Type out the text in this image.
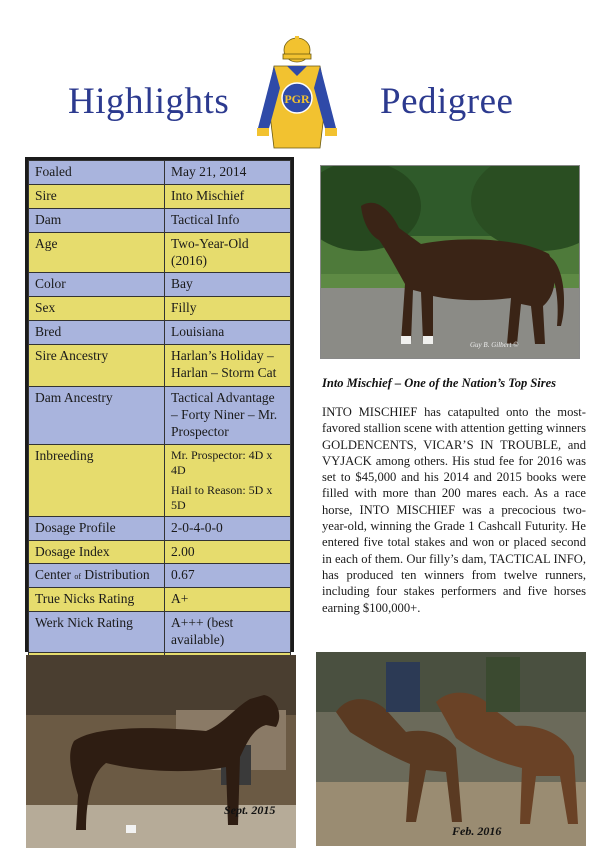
Highlights	PGR Pedigree
Foaled	May 21, 2014
Sire	Into Mischief
Dam	Tactical Info
Age	Two-Year-Old (2016)
Color	Bay
Sex	Filly
Bred	Louisiana
Sire Ancestry	Harlan’s Holiday – Harlan – Storm Cat
Dam Ancestry	Tactical Advantage – Forty Niner – Mr. Prospector
Inbreeding	Mr. Prospector: 4D x 4D
Hail to Reason: 5D x 5D

Dosage Profile	2-0-4-0-0
Dosage Index	2.00
Center of Distribution	0.67
True Nicks Rating	A+
Werk Nick Rating	A+++ (best available)

Guy B. Gilbert ©
Into Mischief – One of the Nation’s Top Sires
INTO MISCHIEF has catapulted onto the most-favored stallion scene with attention getting winners GOLDENCENTS, VICAR’S IN TROUBLE, and VYJACK among others. His stud fee for 2016 was set to $45,000 and his 2014 and 2015 books were filled with more than 200 mares each. As a race horse, INTO MISCHIEF was a precocious two-year-old, winning the Grade 1 Cashcall Futurity. He entered five total stakes and won or placed second in each of them. Our filly’s dam, TACTICAL INFO, has produced ten winners from twelve runners, including four stakes performers and five horses earning $100,000+.
Sept. 2015
Feb. 2016
